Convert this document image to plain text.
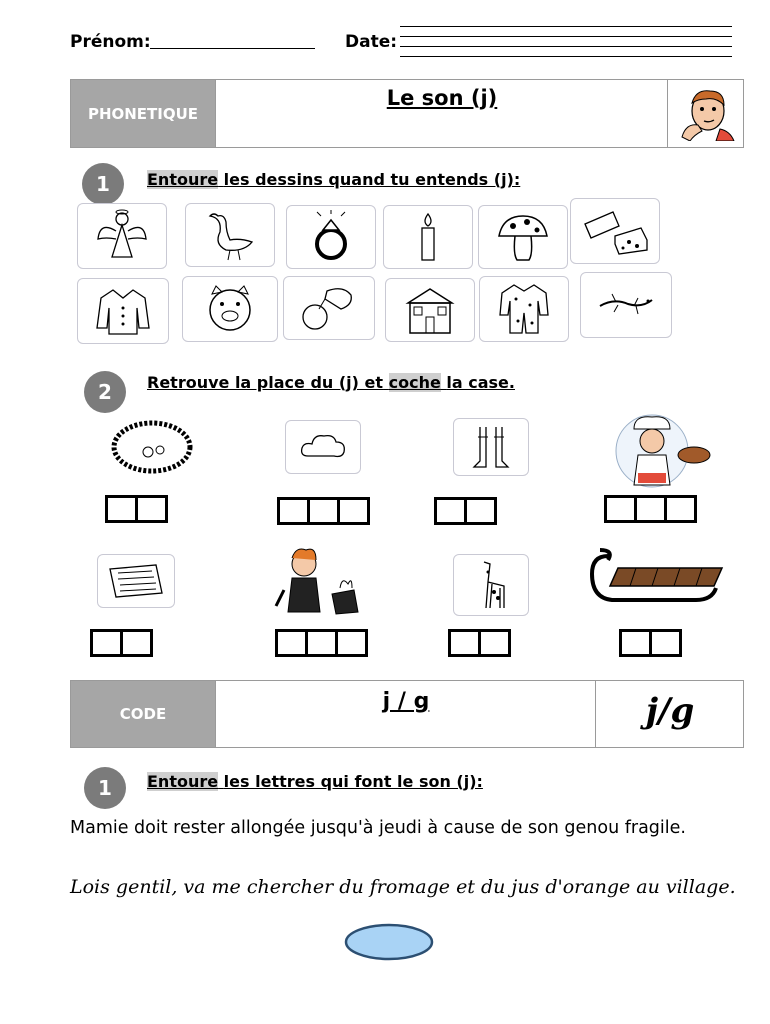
Prénom:	Date:
PHONETIQUE
Le son (j)
1	Entoure les dessins quand tu entends (j):
2	Retrouve la place du (j) et coche la case.
CODE	j / g	j/g
1	Entoure les lettres qui font le son (j):
Mamie doit rester allongée jusqu'à jeudi à cause de son genou fragile.
Lois gentil, va me chercher du fromage et du jus d'orange au village.
